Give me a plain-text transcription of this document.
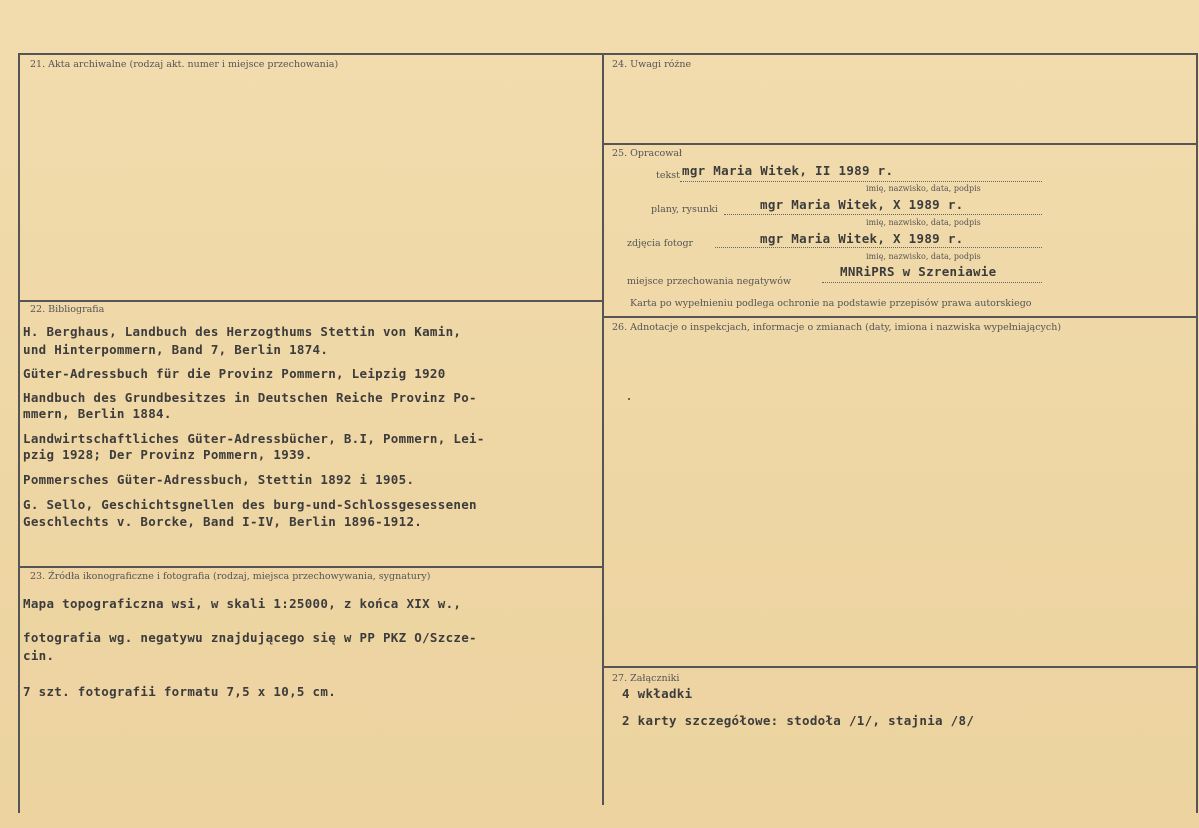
21. Akta archiwalne (rodzaj akt. numer i miejsce przechowania)
22. Bibliografia
H. Berghaus, Landbuch des Herzogthums Stettin von Kamin,
und Hinterpommern, Band 7, Berlin 1874.
Güter-Adressbuch für die Provinz Pommern, Leipzig 1920
Handbuch des Grundbesitzes in Deutschen Reiche Provinz Po-
mmern, Berlin 1884.
Landwirtschaftliches Güter-Adressbücher, B.I, Pommern, Lei-
pzig 1928; Der Provinz Pommern, 1939.
Pommersches Güter-Adressbuch, Stettin 1892 i 1905.
G. Sello, Geschichtsgnellen des burg-und-Schlossgesessenen
Geschlechts v. Borcke, Band I-IV, Berlin 1896-1912.
23. Źródła ikonograficzne i fotografia (rodzaj, miejsca przechowywania, sygnatury)
Mapa topograficzna wsi, w skali 1:25000, z końca XIX w.,
fotografia wg. negatywu znajdującego się w PP PKZ O/Szcze-
cin.
7 szt. fotografii formatu 7,5 x 10,5 cm.
24. Uwagi różne
25. Opracował
tekst mgr Maria Witek, II 1989 r.
imię, nazwisko, data, podpis
plany, rysunki	mgr Maria Witek, X 1989 r.
imię, nazwisko, data, podpis
zdjęcia fotogr	mgr Maria Witek, X 1989 r.
imię, nazwisko, data, podpis
miejsce przechowania negatywów
MNRiPRS w Szreniawie
Karta po wypełnieniu podlega ochronie na podstawie przepisów prawa autorskiego
26. Adnotacje o inspekcjach, informacje o zmianach (daty, imiona i nazwiska wypełniających)
27. Załączniki
4 wkładki
2 karty szczegółowe: stodoła /1/, stajnia /8/
